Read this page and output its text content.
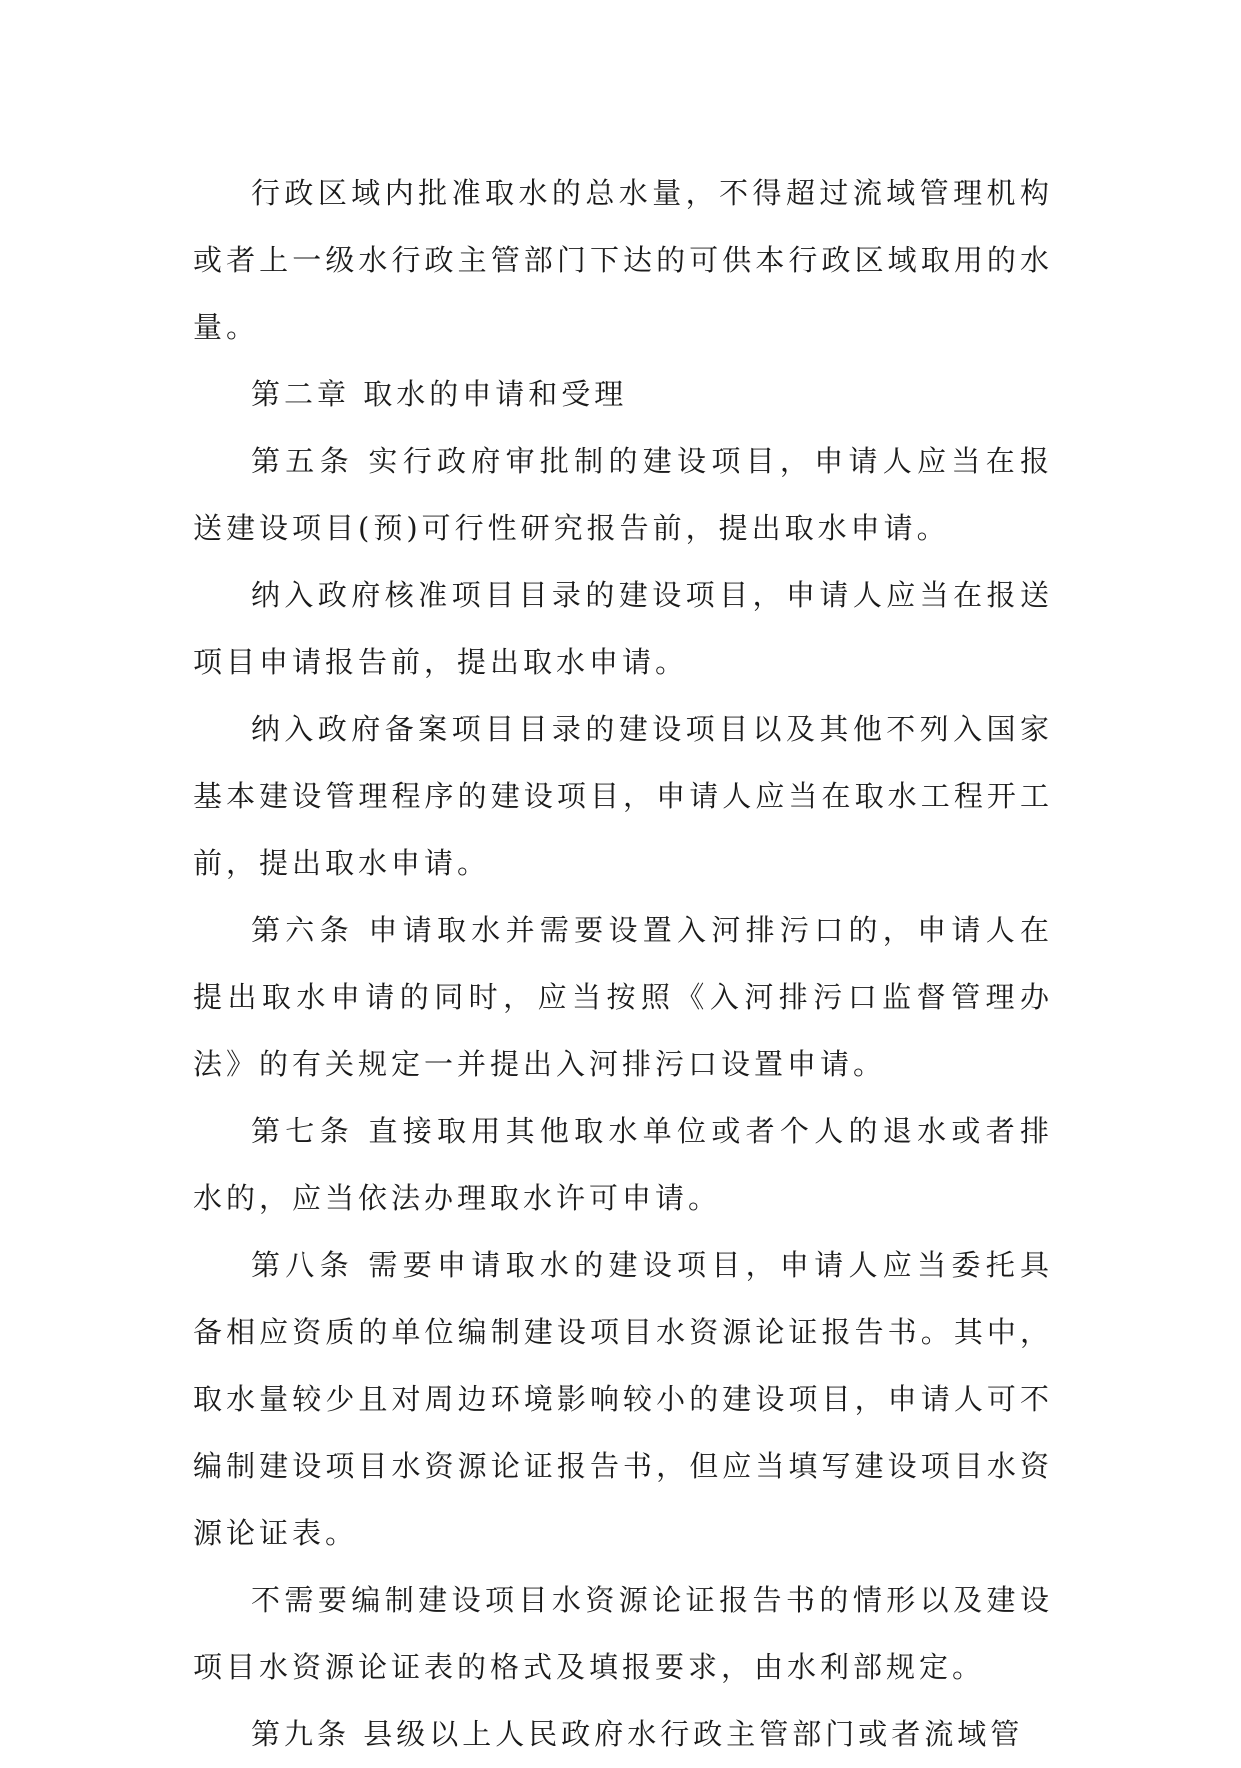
行政区域内批准取水的总水量，不得超过流域管理机构或者上一级水行政主管部门下达的可供本行政区域取用的水量。

第二章 取水的申请和受理

第五条 实行政府审批制的建设项目，申请人应当在报送建设项目(预)可行性研究报告前，提出取水申请。

纳入政府核准项目目录的建设项目，申请人应当在报送项目申请报告前，提出取水申请。

纳入政府备案项目目录的建设项目以及其他不列入国家基本建设管理程序的建设项目，申请人应当在取水工程开工前，提出取水申请。

第六条 申请取水并需要设置入河排污口的，申请人在提出取水申请的同时，应当按照《入河排污口监督管理办法》的有关规定一并提出入河排污口设置申请。

第七条 直接取用其他取水单位或者个人的退水或者排水的，应当依法办理取水许可申请。

第八条 需要申请取水的建设项目，申请人应当委托具备相应资质的单位编制建设项目水资源论证报告书。其中，取水量较少且对周边环境影响较小的建设项目，申请人可不编制建设项目水资源论证报告书，但应当填写建设项目水资源论证表。

不需要编制建设项目水资源论证报告书的情形以及建设项目水资源论证表的格式及填报要求，由水利部规定。

第九条 县级以上人民政府水行政主管部门或者流域管
